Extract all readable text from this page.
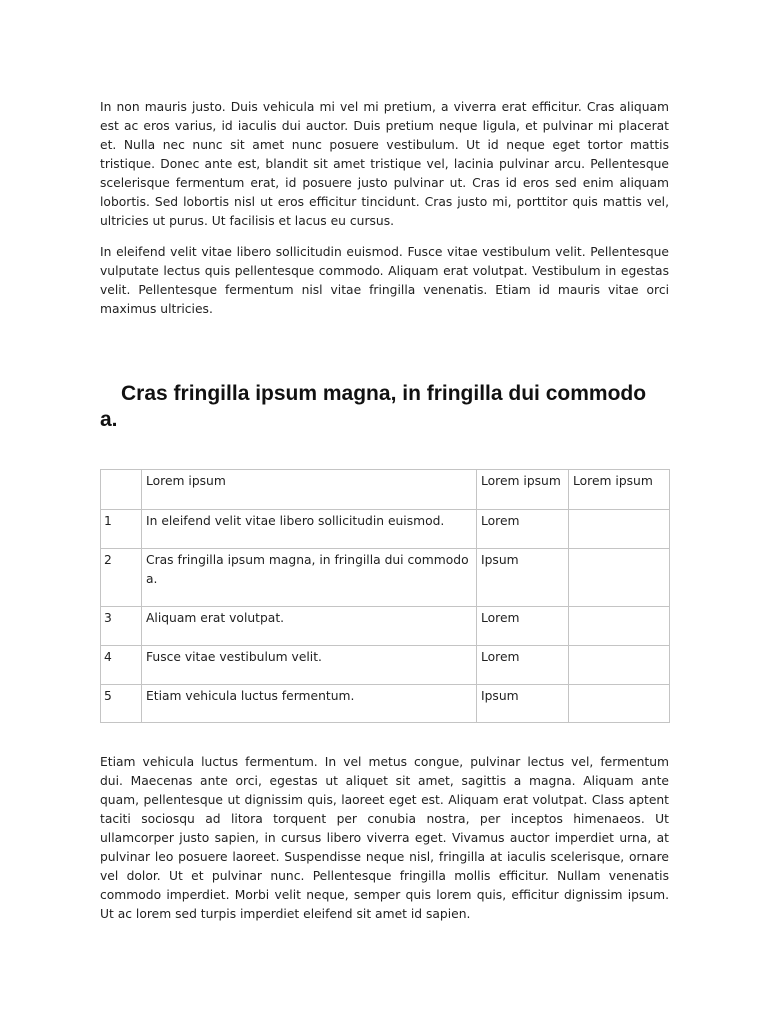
In non mauris justo. Duis vehicula mi vel mi pretium, a viverra erat efficitur. Cras aliquam
est ac eros varius, id iaculis dui auctor. Duis pretium neque ligula, et pulvinar mi placerat
et. Nulla nec nunc sit amet nunc posuere vestibulum. Ut id neque eget tortor mattis
tristique. Donec ante est, blandit sit amet tristique vel, lacinia pulvinar arcu. Pellentesque
scelerisque fermentum erat, id posuere justo pulvinar ut. Cras id eros sed enim aliquam
lobortis. Sed lobortis nisl ut eros efficitur tincidunt. Cras justo mi, porttitor quis mattis vel,
ultricies ut purus. Ut facilisis et lacus eu cursus.
In eleifend velit vitae libero sollicitudin euismod. Fusce vitae vestibulum velit. Pellentesque
vulputate lectus quis pellentesque commodo. Aliquam erat volutpat. Vestibulum in egestas
velit. Pellentesque fermentum nisl vitae fringilla venenatis. Etiam id mauris vitae orci
maximus ultricies.
Cras fringilla ipsum magna, in fringilla dui commodo
a.
	Lorem ipsum	Lorem ipsum	Lorem ipsum
1	In eleifend velit vitae libero sollicitudin euismod.	Lorem	
2	Cras fringilla ipsum magna, in fringilla dui commodo a.	Ipsum	
3	Aliquam erat volutpat.	Lorem	
4	Fusce vitae vestibulum velit.	Lorem	
5	Etiam vehicula luctus fermentum.	Ipsum	
Etiam vehicula luctus fermentum. In vel metus congue, pulvinar lectus vel, fermentum
dui. Maecenas ante orci, egestas ut aliquet sit amet, sagittis a magna. Aliquam ante
quam, pellentesque ut dignissim quis, laoreet eget est. Aliquam erat volutpat. Class aptent
taciti sociosqu ad litora torquent per conubia nostra, per inceptos himenaeos. Ut
ullamcorper justo sapien, in cursus libero viverra eget. Vivamus auctor imperdiet urna, at
pulvinar leo posuere laoreet. Suspendisse neque nisl, fringilla at iaculis scelerisque, ornare
vel dolor. Ut et pulvinar nunc. Pellentesque fringilla mollis efficitur. Nullam venenatis
commodo imperdiet. Morbi velit neque, semper quis lorem quis, efficitur dignissim ipsum.
Ut ac lorem sed turpis imperdiet eleifend sit amet id sapien.
